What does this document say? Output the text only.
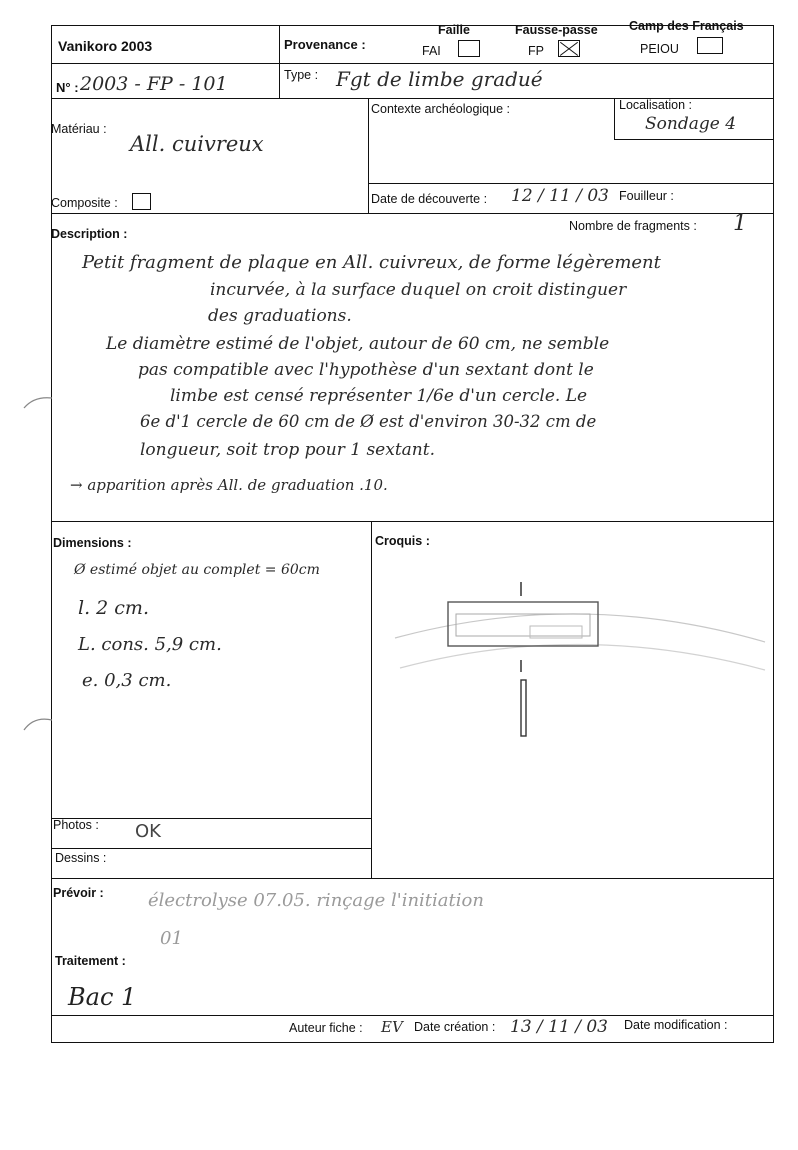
Vanikoro 2003	Provenance :
Faille
FAI
Fausse-passe
FP
Camp des Français
PEIOU
N° : 2003 - FP - 101	Type : Fgt de limbe gradué
Matériau :
All. cuivreux
Contexte archéologique :	Localisation :
Sondage 4
Composite :	Date de découverte : 12 / 11 / 03 Fouilleur :
Description :
Nombre de fragments : 1
Petit fragment de plaque en All. cuivreux, de forme légèrement
incurvée, à la surface duquel on croit distinguer
des graduations.
Le diamètre estimé de l'objet, autour de 60 cm, ne semble
pas compatible avec l'hypothèse d'un sextant dont le
limbe est censé représenter 1/6e d'un cercle. Le
6e d'1 cercle de 60 cm de Ø est d'environ 30-32 cm de
longueur, soit trop pour 1 sextant.
→ apparition après All. de graduation .10.
Dimensions :
Ø estimé objet au complet = 60cm
l. 2 cm.
L. cons. 5,9 cm.
e. 0,3 cm.
Croquis :
Photos : OK
Dessins :
Prévoir : électrolyse 07.05. rinçage l'initiation
01
Traitement :
Bac 1
Auteur fiche : EV Date création : 13 / 11 / 03 Date modification :
